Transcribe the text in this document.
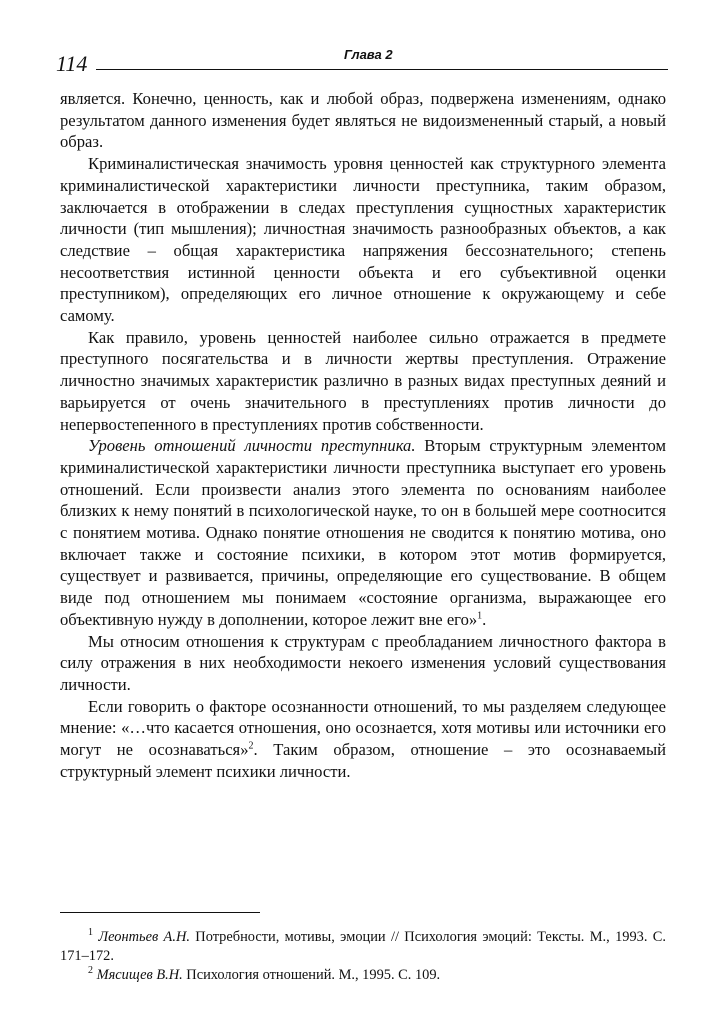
114	Глава 2

является. Конечно, ценность, как и любой образ, подвержена изменениям, однако результатом данного изменения будет являться не видоизмененный старый, а новый образ.

Криминалистическая значимость уровня ценностей как структурного элемента криминалистической характеристики личности преступника, таким образом, заключается в отображении в следах преступления сущностных характеристик личности (тип мышления); личностная значимость разнообразных объектов, а как следствие – общая характеристика напряжения бессознательного; степень несоответствия истинной ценности объекта и его субъективной оценки преступником), определяющих его личное отношение к окружающему и себе самому.

Как правило, уровень ценностей наиболее сильно отражается в предмете преступного посягательства и в личности жертвы преступления. Отражение личностно значимых характеристик различно в разных видах преступных деяний и варьируется от очень значительного в преступлениях против личности до непервостепенного в преступлениях против собственности.

Уровень отношений личности преступника. Вторым структурным элементом криминалистической характеристики личности преступника выступает его уровень отношений. Если произвести анализ этого элемента по основаниям наиболее близких к нему понятий в психологической науке, то он в большей мере соотносится с понятием мотива. Однако понятие отношения не сводится к понятию мотива, оно включает также и состояние психики, в котором этот мотив формируется, существует и развивается, причины, определяющие его существование. В общем виде под отношением мы понимаем «состояние организма, выражающее его объективную нужду в дополнении, которое лежит вне его»$^1$.

Мы относим отношения к структурам с преобладанием личностного фактора в силу отражения в них необходимости некоего изменения условий существования личности.

Если говорить о факторе осознанности отношений, то мы разделяем следующее мнение: «…что касается отношения, оно осознается, хотя мотивы или источники его могут не осознаваться»$^2$. Таким образом, отношение – это осознаваемый структурный элемент психики личности.

$^1$ Леонтьев А.Н. Потребности, мотивы, эмоции // Психология эмоций: Тексты. М., 1993. С. 171–172.

$^2$ Мясищев В.Н. Психология отношений. М., 1995. С. 109.
